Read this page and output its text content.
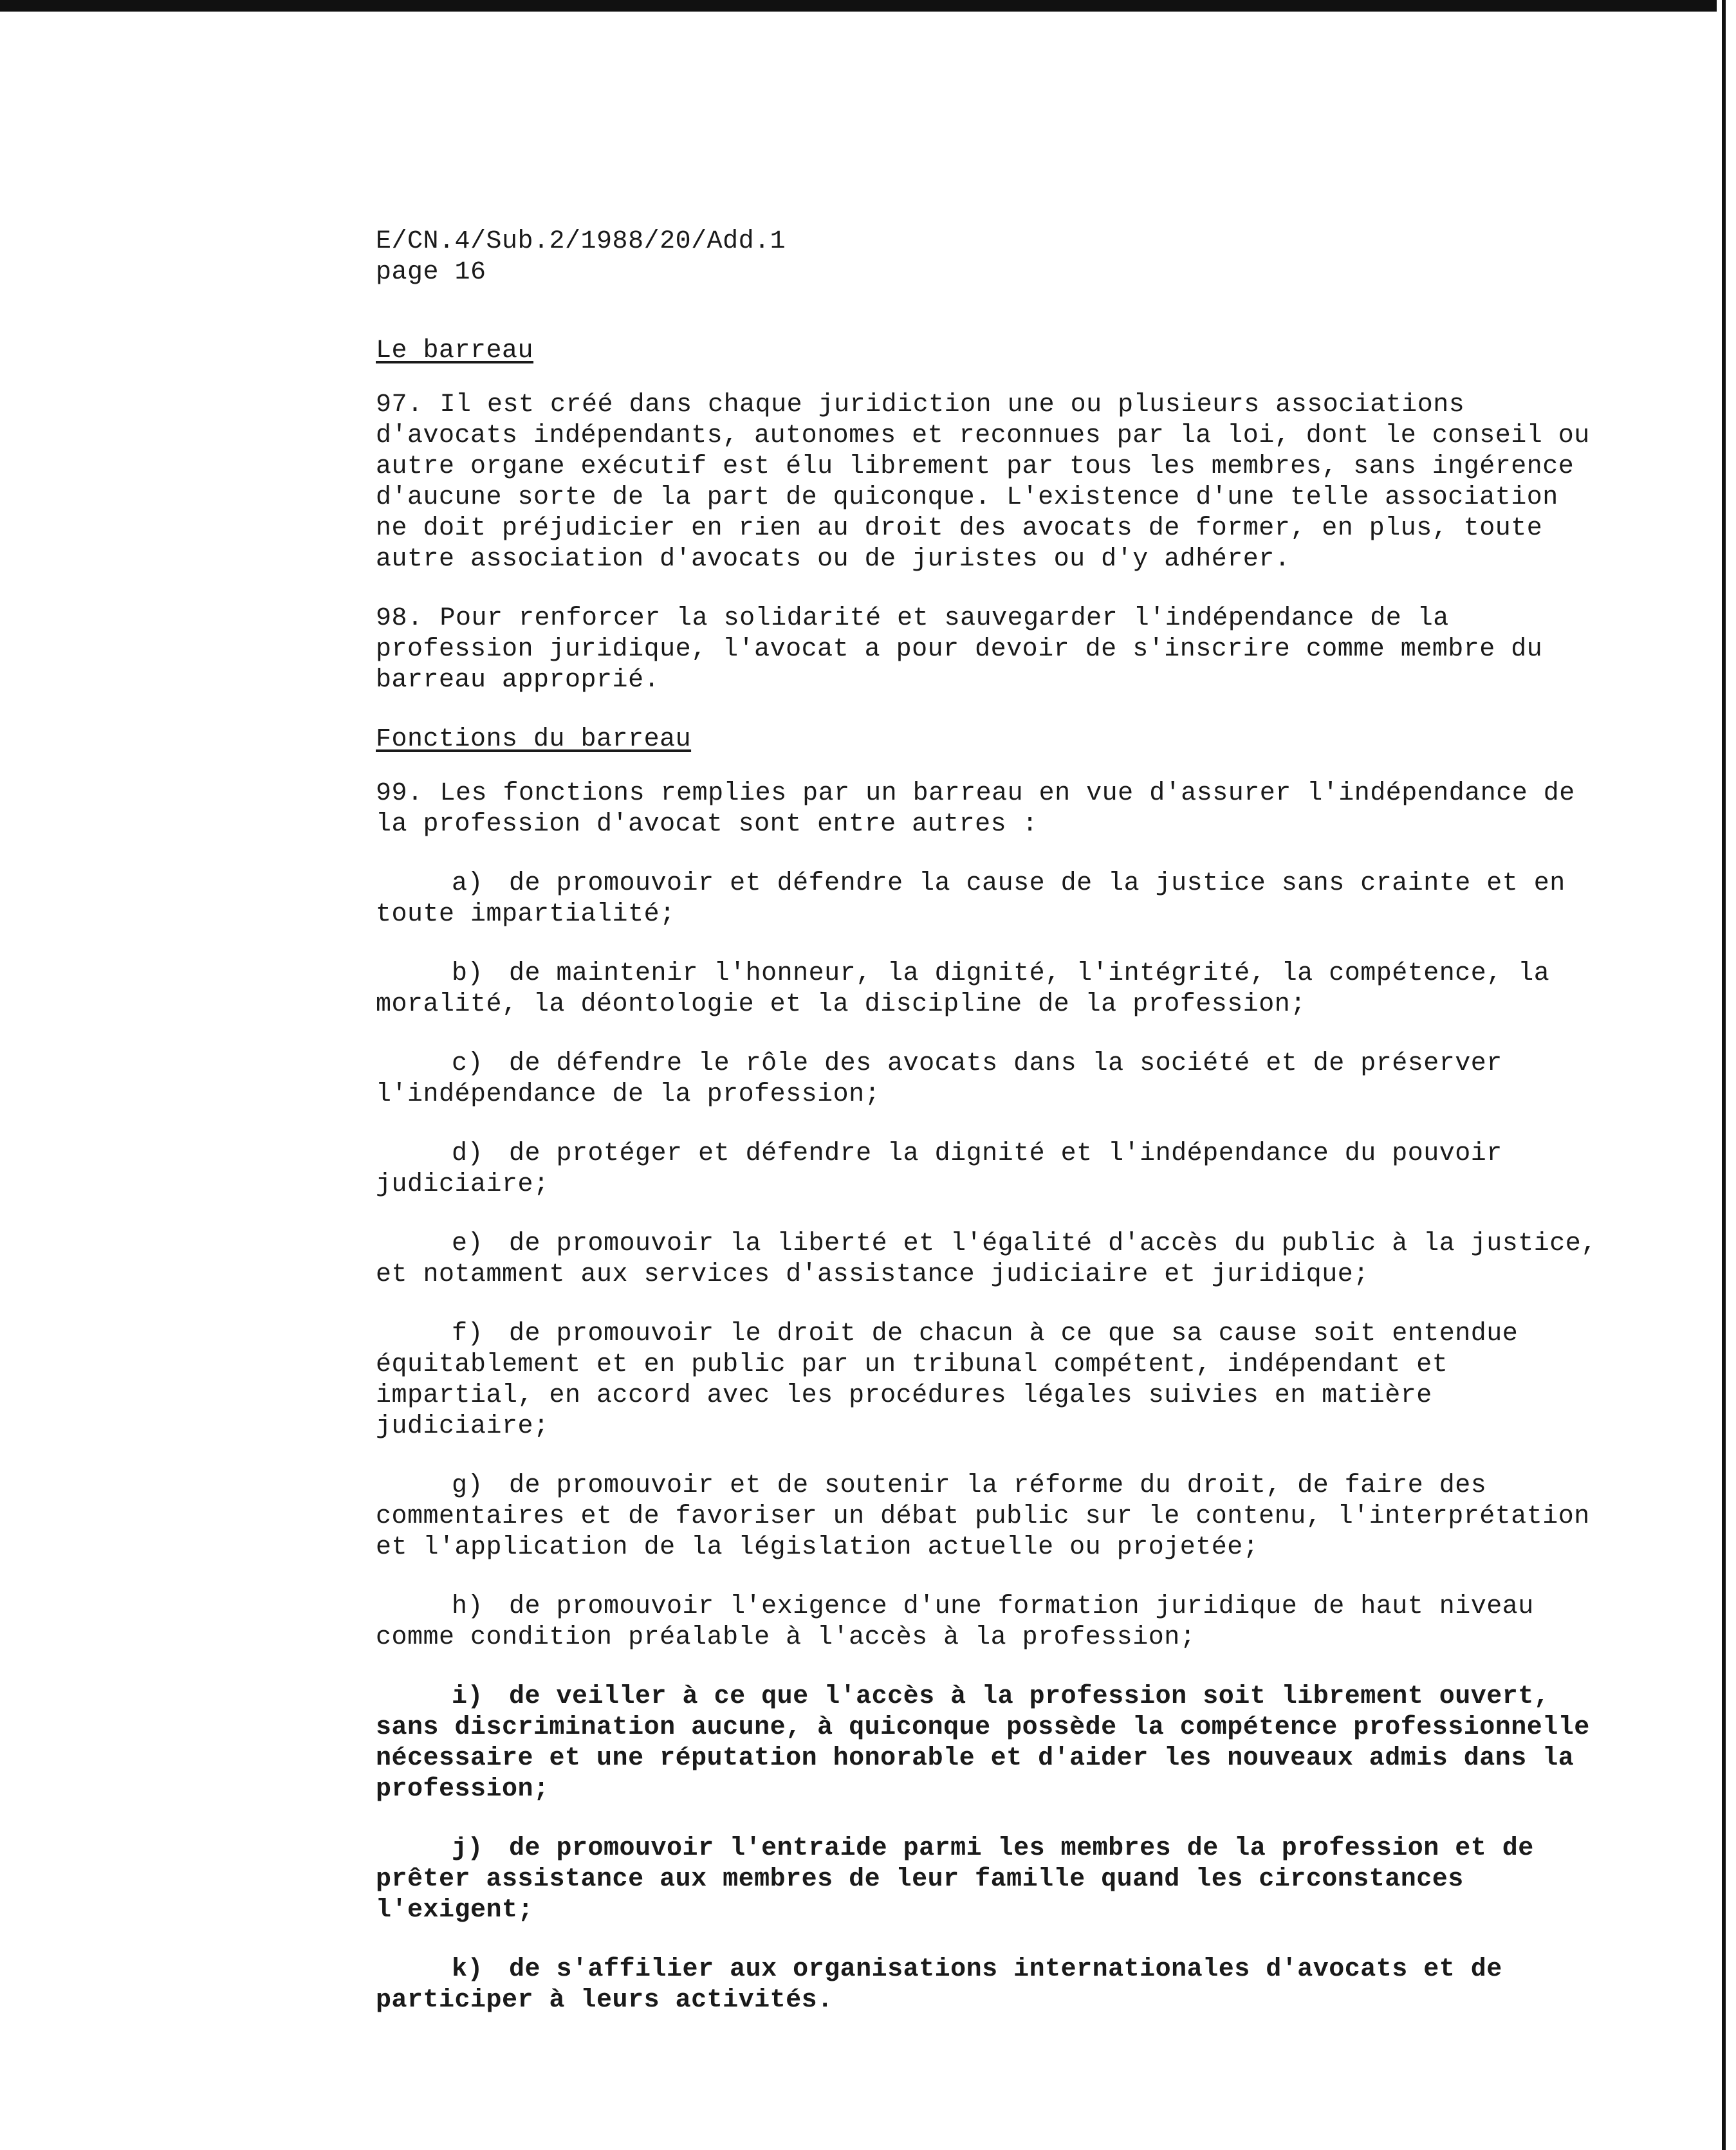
E/CN.4/Sub.2/1988/20/Add.1

page 16

Le barreau

97. Il est créé dans chaque juridiction une ou plusieurs associations d'avocats indépendants, autonomes et reconnues par la loi, dont le conseil ou autre organe exécutif est élu librement par tous les membres, sans ingérence d'aucune sorte de la part de quiconque. L'existence d'une telle association ne doit préjudicier en rien au droit des avocats de former, en plus, toute autre association d'avocats ou de juristes ou d'y adhérer.

98. Pour renforcer la solidarité et sauvegarder l'indépendance de la profession juridique, l'avocat a pour devoir de s'inscrire comme membre du barreau approprié.

Fonctions du barreau

99. Les fonctions remplies par un barreau en vue d'assurer l'indépendance de la profession d'avocat sont entre autres :

a) de promouvoir et défendre la cause de la justice sans crainte et en toute impartialité;

b) de maintenir l'honneur, la dignité, l'intégrité, la compétence, la moralité, la déontologie et la discipline de la profession;

c) de défendre le rôle des avocats dans la société et de préserver l'indépendance de la profession;

d) de protéger et défendre la dignité et l'indépendance du pouvoir judiciaire;

e) de promouvoir la liberté et l'égalité d'accès du public à la justice, et notamment aux services d'assistance judiciaire et juridique;

f) de promouvoir le droit de chacun à ce que sa cause soit entendue équitablement et en public par un tribunal compétent, indépendant et impartial, en accord avec les procédures légales suivies en matière judiciaire;

g) de promouvoir et de soutenir la réforme du droit, de faire des commentaires et de favoriser un débat public sur le contenu, l'interprétation et l'application de la législation actuelle ou projetée;

h) de promouvoir l'exigence d'une formation juridique de haut niveau comme condition préalable à l'accès à la profession;

i) de veiller à ce que l'accès à la profession soit librement ouvert, sans discrimination aucune, à quiconque possède la compétence professionnelle nécessaire et une réputation honorable et d'aider les nouveaux admis dans la profession;

j) de promouvoir l'entraide parmi les membres de la profession et de prêter assistance aux membres de leur famille quand les circonstances l'exigent;

k) de s'affilier aux organisations internationales d'avocats et de participer à leurs activités.
